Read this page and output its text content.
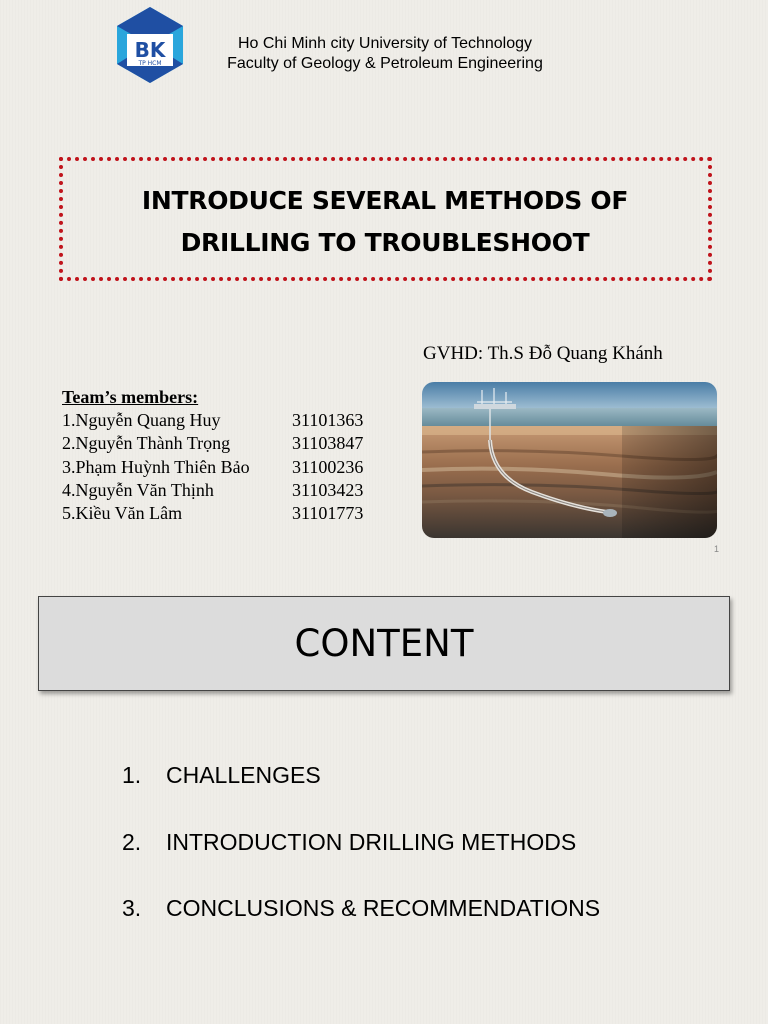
BK
TP HCM
Ho Chi Minh city University of Technology
Faculty of Geology & Petroleum Engineering
INTRODUCE SEVERAL METHODS OF
DRILLING TO TROUBLESHOOT
GVHD: Th.S Đỗ Quang Khánh
Team’s members:
1.Nguyễn Quang Huy	31101363
2.Nguyễn Thành Trọng	31103847
3.Phạm Huỳnh Thiên Bảo	31100236
4.Nguyễn Văn Thịnh	31103423
5.Kiều Văn Lâm	31101773
1
CONTENT
1.	CHALLENGES
2.	INTRODUCTION DRILLING METHODS
3.	CONCLUSIONS & RECOMMENDATIONS
